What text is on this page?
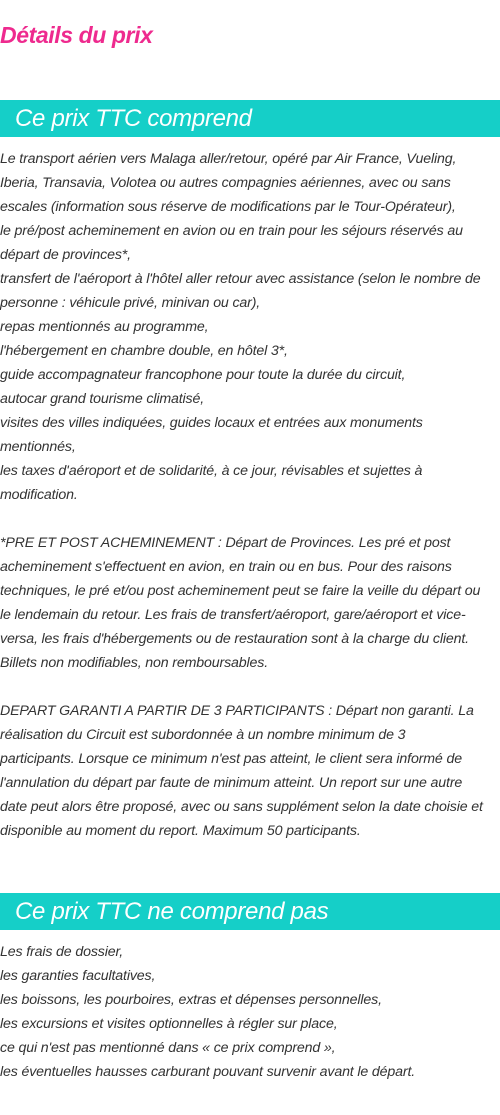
Détails du prix
Ce prix TTC comprend
Le transport aérien vers Malaga aller/retour, opéré par Air France, Vueling,
Iberia, Transavia, Volotea ou autres compagnies aériennes, avec ou sans
escales (information sous réserve de modifications par le Tour-Opérateur),
le pré/post acheminement en avion ou en train pour les séjours réservés au
départ de provinces*,
transfert de l'aéroport à l'hôtel aller retour avec assistance (selon le nombre de
personne : véhicule privé, minivan ou car),
repas mentionnés au programme,
l'hébergement en chambre double, en hôtel 3*,
guide accompagnateur francophone pour toute la durée du circuit,
autocar grand tourisme climatisé,
visites des villes indiquées, guides locaux et entrées aux monuments
mentionnés,
les taxes d'aéroport et de solidarité, à ce jour, révisables et sujettes à
modification.
*PRE ET POST ACHEMINEMENT : Départ de Provinces. Les pré et post
acheminement s'effectuent en avion, en train ou en bus. Pour des raisons
techniques, le pré et/ou post acheminement peut se faire la veille du départ ou
le lendemain du retour. Les frais de transfert/aéroport, gare/aéroport et vice-
versa, les frais d'hébergements ou de restauration sont à la charge du client.
Billets non modifiables, non remboursables.
DEPART GARANTI A PARTIR DE 3 PARTICIPANTS : Départ non garanti. La
réalisation du Circuit est subordonnée à un nombre minimum de 3
participants. Lorsque ce minimum n'est pas atteint, le client sera informé de
l'annulation du départ par faute de minimum atteint. Un report sur une autre
date peut alors être proposé, avec ou sans supplément selon la date choisie et
disponible au moment du report. Maximum 50 participants.
Ce prix TTC ne comprend pas
Les frais de dossier,
les garanties facultatives,
les boissons, les pourboires, extras et dépenses personnelles,
les excursions et visites optionnelles à régler sur place,
ce qui n'est pas mentionné dans « ce prix comprend »,
les éventuelles hausses carburant pouvant survenir avant le départ.
